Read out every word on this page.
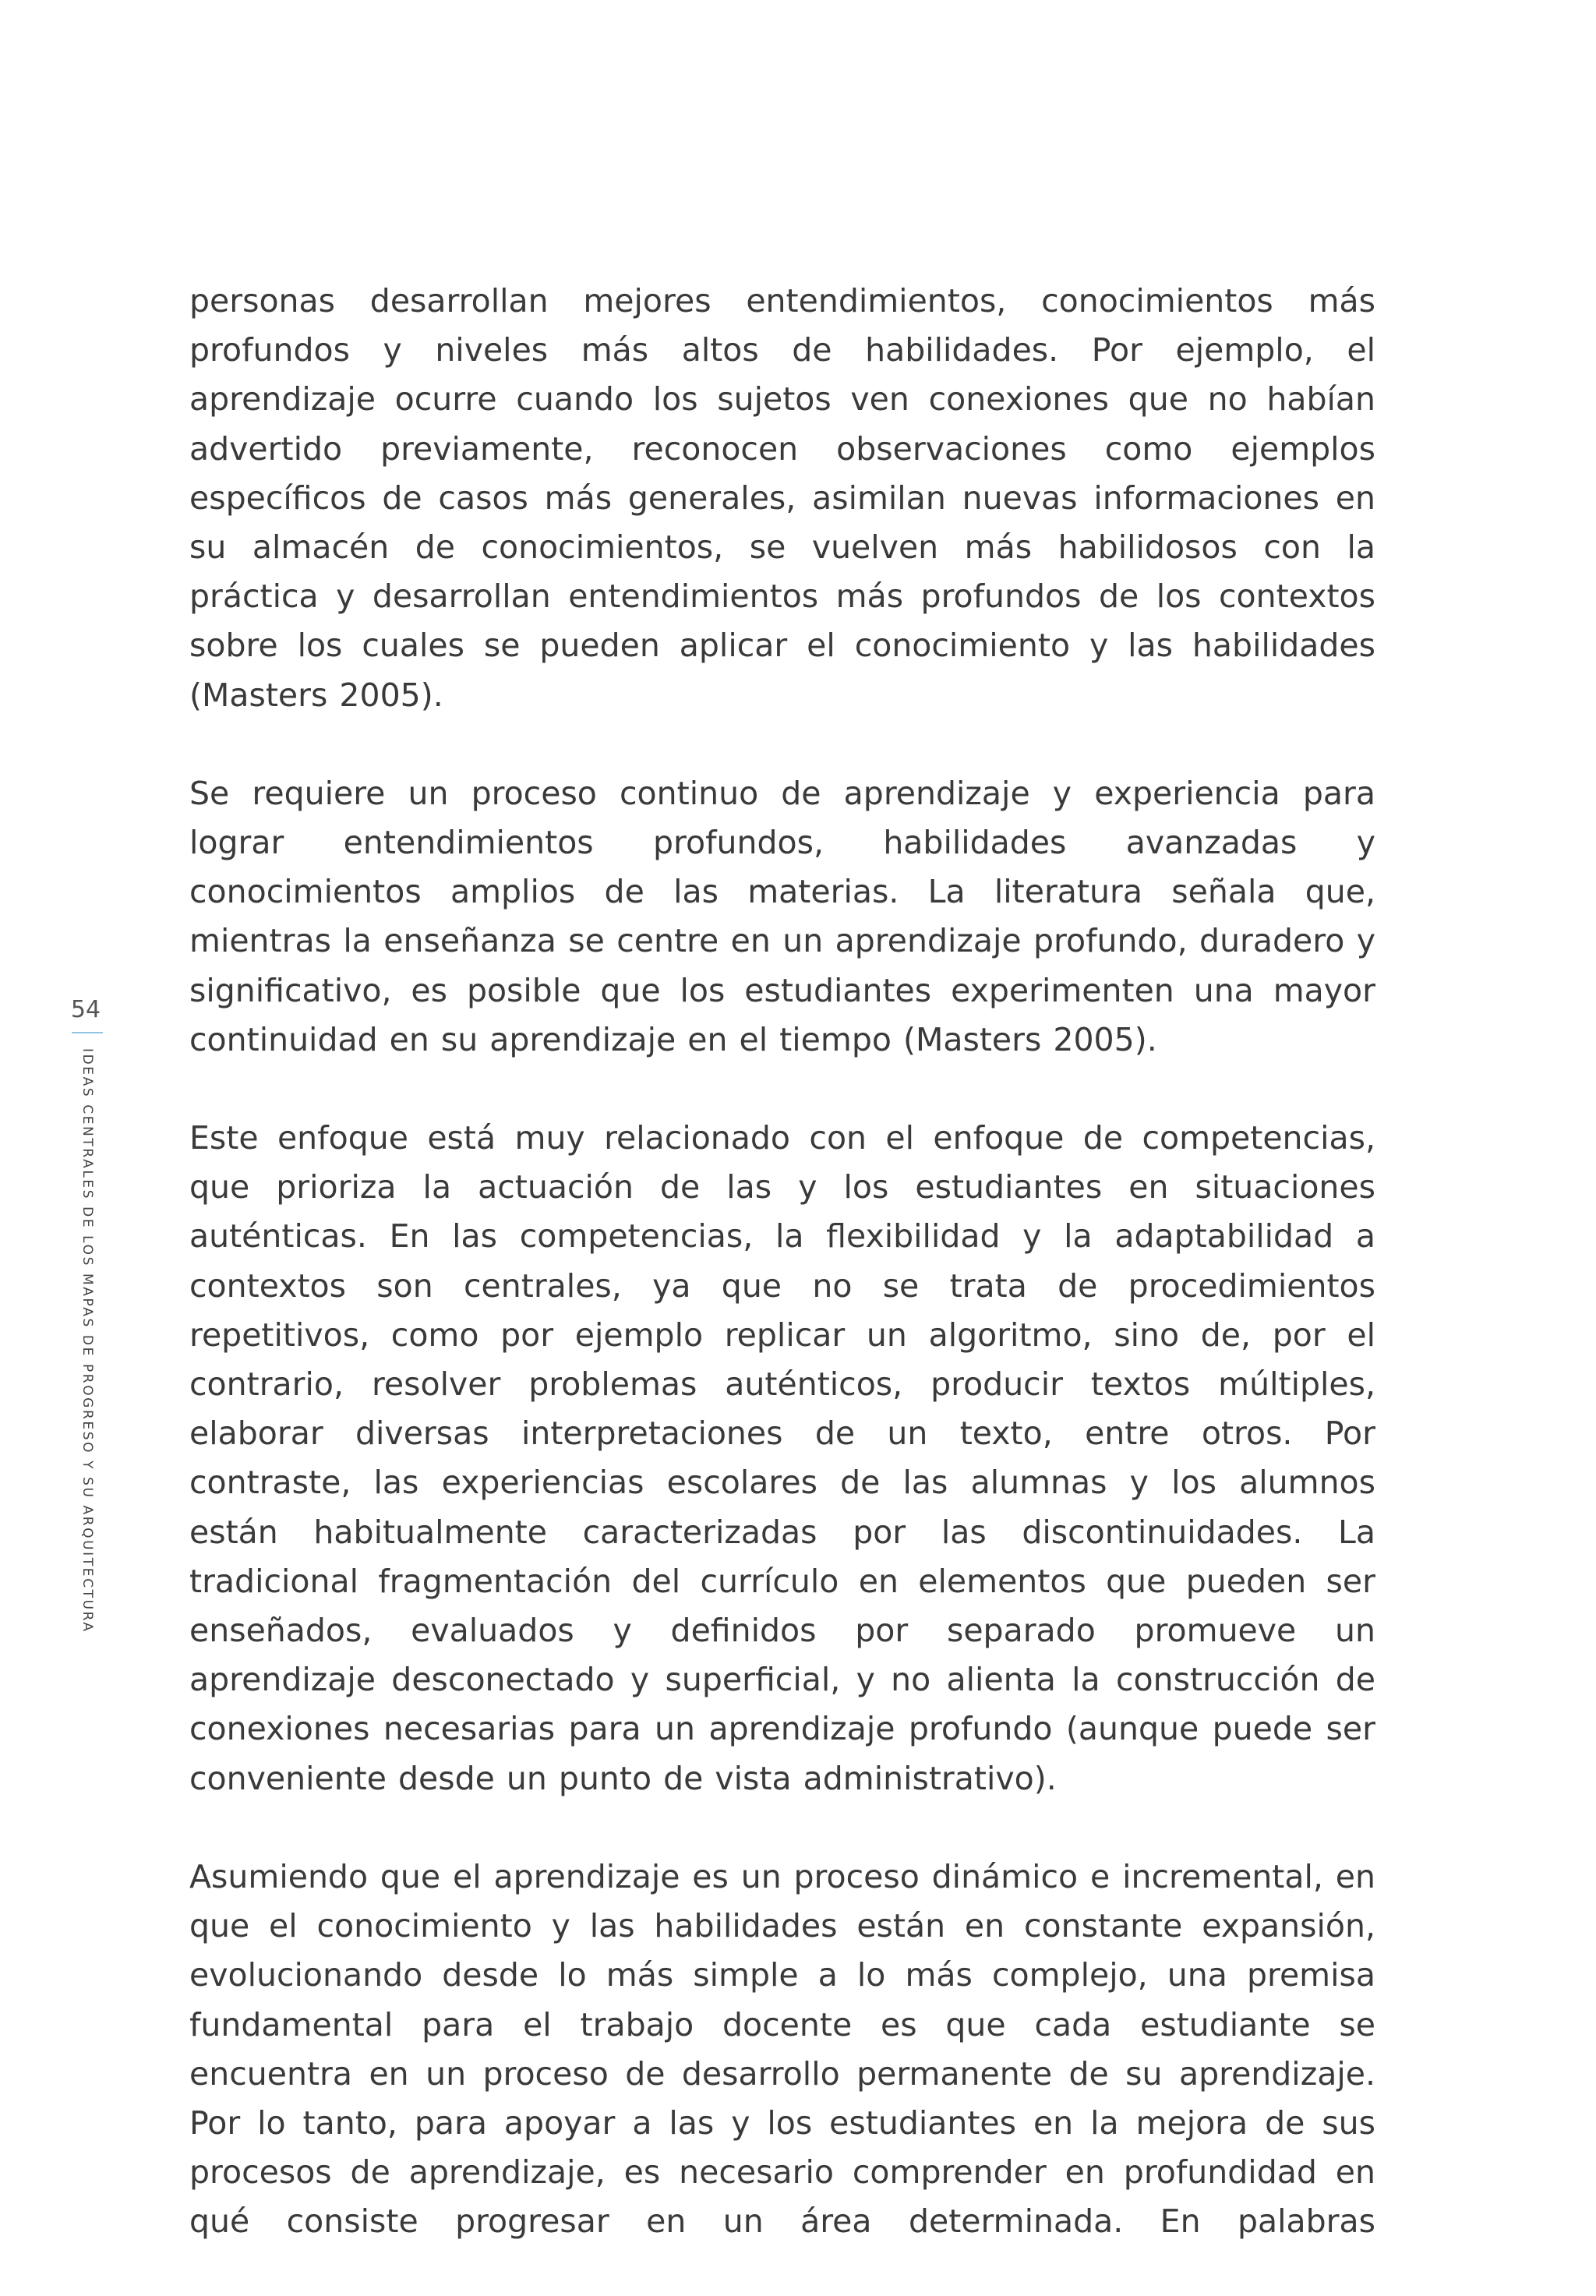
54
IDEAS CENTRALES DE LOS MAPAS DE PROGRESO Y SU ARQUITECTURA

personas desarrollan mejores entendimientos, conocimientos más profundos y niveles más altos de habilidades. Por ejemplo, el aprendizaje ocurre cuando los sujetos ven conexiones que no habían advertido previamente, reconocen observaciones como ejemplos específicos de casos más generales, asimilan nuevas informaciones en su almacén de conocimientos, se vuelven más habilidosos con la práctica y desarrollan entendimientos más profundos de los contextos sobre los cuales se pueden aplicar el conocimiento y las habilidades (Masters 2005).

Se requiere un proceso continuo de aprendizaje y experiencia para lograr entendimientos profundos, habilidades avanzadas y conocimientos amplios de las materias. La literatura señala que, mientras la enseñanza se centre en un aprendizaje profundo, duradero y significativo, es posible que los estudiantes experimenten una mayor continuidad en su aprendizaje en el tiempo (Masters 2005).

Este enfoque está muy relacionado con el enfoque de competencias, que prioriza la actuación de las y los estudiantes en situaciones auténticas. En las competencias, la flexibilidad y la adaptabilidad a contextos son centrales, ya que no se trata de procedimientos repetitivos, como por ejemplo replicar un algoritmo, sino de, por el contrario, resolver problemas auténticos, producir textos múltiples, elaborar diversas interpretaciones de un texto, entre otros. Por contraste, las experiencias escolares de las alumnas y los alumnos están habitualmente caracterizadas por las discontinuidades. La tradicional fragmentación del currículo en elementos que pueden ser enseñados, evaluados y definidos por separado promueve un aprendizaje desconectado y superficial, y no alienta la construcción de conexiones necesarias para un aprendizaje profundo (aunque puede ser conveniente desde un punto de vista administrativo).

Asumiendo que el aprendizaje es un proceso dinámico e incremental, en que el conocimiento y las habilidades están en constante expansión, evolucionando desde lo más simple a lo más complejo, una premisa fundamental para el trabajo docente es que cada estudiante se encuentra en un proceso de desarrollo permanente de su aprendizaje. Por lo tanto, para apoyar a las y los estudiantes en la mejora de sus procesos de aprendizaje, es necesario comprender en profundidad en qué consiste progresar en un área determinada. En palabras
